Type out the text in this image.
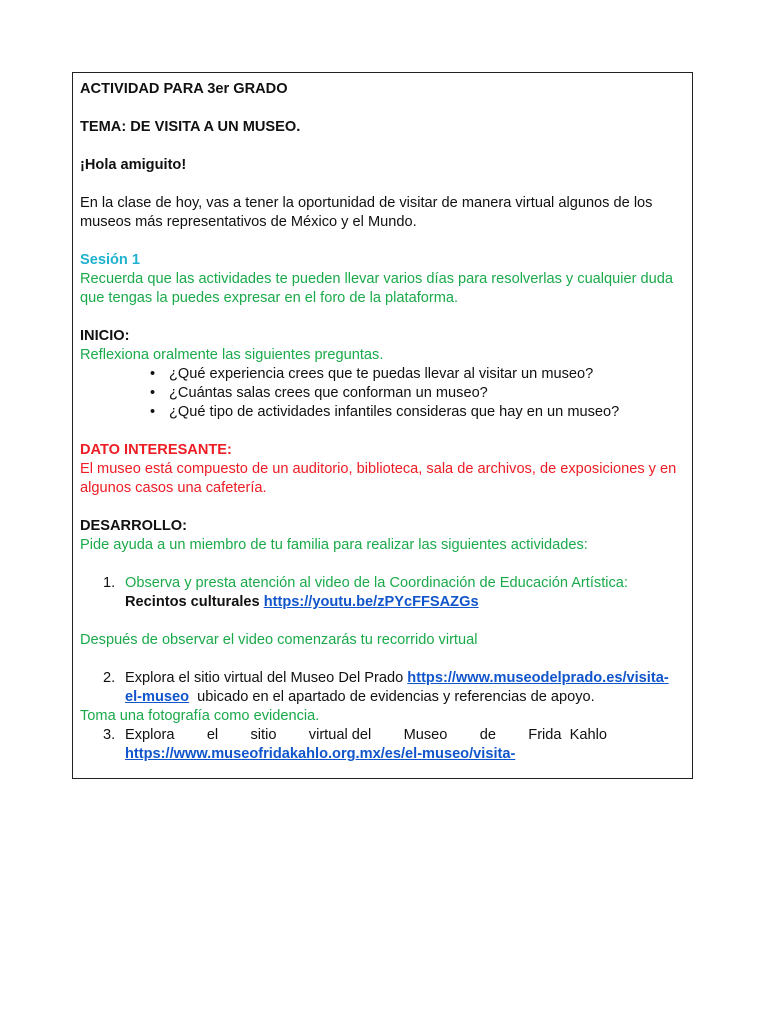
ACTIVIDAD PARA 3er GRADO
TEMA: DE VISITA A UN MUSEO.
¡Hola amiguito!
En la clase de hoy, vas a tener la oportunidad de visitar de manera virtual algunos de los
museos más representativos de México y el Mundo.
Sesión 1
Recuerda que las actividades te pueden llevar varios días para resolverlas y cualquier duda
que tengas la puedes expresar en el foro de la plataforma.
INICIO:
Reflexiona oralmente las siguientes preguntas.
• ¿Qué experiencia crees que te puedas llevar al visitar un museo?
• ¿Cuántas salas crees que conforman un museo?
• ¿Qué tipo de actividades infantiles consideras que hay en un museo?
DATO INTERESANTE:
El museo está compuesto de un auditorio, biblioteca, sala de archivos, de exposiciones y en
algunos casos una cafetería.
DESARROLLO:
Pide ayuda a un miembro de tu familia para realizar las siguientes actividades:
1. Observa y presta atención al video de la Coordinación de Educación Artística:
Recintos culturales https://youtu.be/zPYcFFSAZGs
Después de observar el video comenzarás tu recorrido virtual
2. Explora el sitio virtual del Museo Del Prado https://www.museodelprado.es/visita-
el-museo  ubicado en el apartado de evidencias y referencias de apoyo.
Toma una fotografía como evidencia.
3. Explora el sitio virtual del Museo de Frida  Kahlo
https://www.museofridakahlo.org.mx/es/el-museo/visita-
